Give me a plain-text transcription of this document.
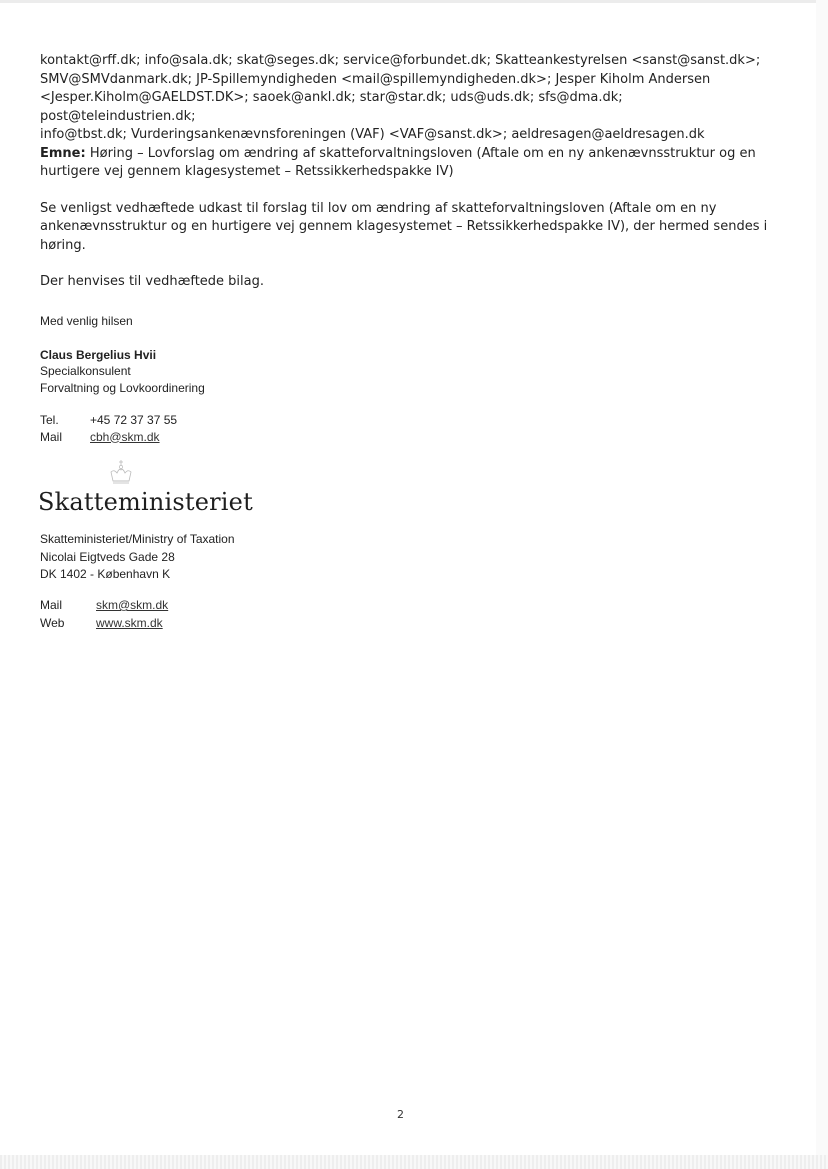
kontakt@rff.dk; info@sala.dk; skat@seges.dk; service@forbundet.dk; Skatteankestyrelsen <sanst@sanst.dk>;

SMV@SMVdanmark.dk; JP-Spillemyndigheden <mail@spillemyndigheden.dk>; Jesper Kiholm Andersen

<Jesper.Kiholm@GAELDST.DK>; saoek@ankl.dk; star@star.dk; uds@uds.dk; sfs@dma.dk; post@teleindustrien.dk;

info@tbst.dk; Vurderingsankenævnsforeningen (VAF) <VAF@sanst.dk>; aeldresagen@aeldresagen.dk

Emne: Høring – Lovforslag om ændring af skatteforvaltningsloven (Aftale om en ny ankenævnsstruktur og en

hurtigere vej gennem klagesystemet – Retssikkerhedspakke IV)

Se venligst vedhæftede udkast til forslag til lov om ændring af skatteforvaltningsloven (Aftale om en ny

ankenævnsstruktur og en hurtigere vej gennem klagesystemet – Retssikkerhedspakke IV), der hermed sendes i

høring.

Der henvises til vedhæftede bilag.

Med venlig hilsen

Claus Bergelius Hvii

Specialkonsulent

Forvaltning og Lovkoordinering

Tel.	+45 72 37 37 55
Mail	cbh@skm.dk
Skatteministeriet

Skatteministeriet/Ministry of Taxation

Nicolai Eigtveds Gade 28

DK 1402 - København K

Mail	skm@skm.dk
Web	www.skm.dk
2
